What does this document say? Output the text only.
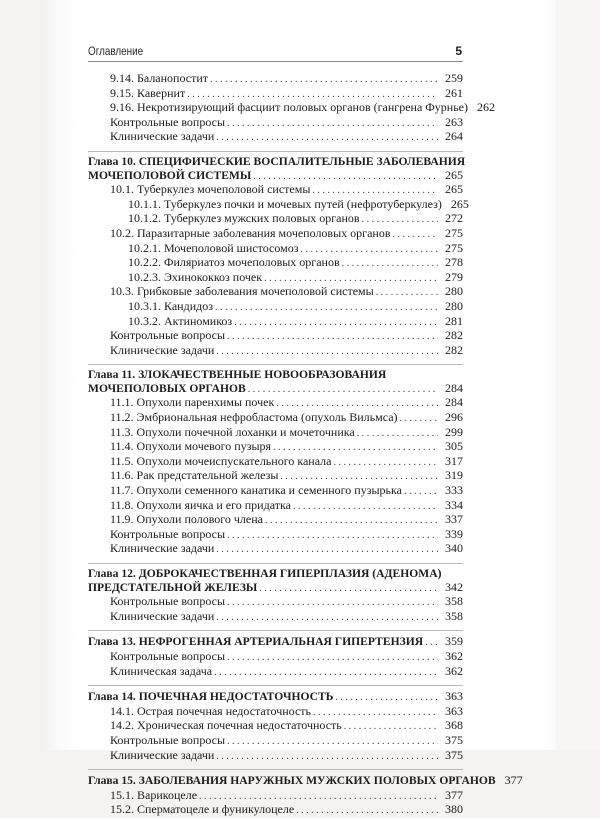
Оглавление	5
9.14. Баланопостит . . .	259
9.15. Кавернит . . .	261
9.16. Некротизирующий фасциит половых органов (гангрена Фурнье) 262
Контрольные вопросы . . .	263
Клинические задачи . . .	264
Глава 10. СПЕЦИФИЧЕСКИЕ ВОСПАЛИТЕЛЬНЫЕ ЗАБОЛЕВАНИЯ
МОЧЕПОЛОВОЙ СИСТЕМЫ . . .	265
10.1. Туберкулез мочеполовой системы . . .	265
10.1.1. Туберкулез почки и мочевых путей (нефротуберкулез) 265
10.1.2. Туберкулез мужских половых органов . . .	272
10.2. Паразитарные заболевания мочеполовых органов . . .	275
10.2.1. Мочеполовой шистосомоз . . .	275
10.2.2. Филяриатоз мочеполовых органов . . .	278
10.2.3. Эхинококкоз почек . . .	279
10.3. Грибковые заболевания мочеполовой системы . . .	280
10.3.1. Кандидоз . . .	280
10.3.2. Актиномикоз . . .	281
Контрольные вопросы . . .	282
Клинические задачи . . .	282
Глава 11. ЗЛОКАЧЕСТВЕННЫЕ НОВООБРАЗОВАНИЯ
МОЧЕПОЛОВЫХ ОРГАНОВ . . .	284
11.1. Опухоли паренхимы почек . . .	284
11.2. Эмбриональная нефробластома (опухоль Вильмса) . . .	296
11.3. Опухоли почечной лоханки и мочеточника . . .	299
11.4. Опухоли мочевого пузыря . . .	305
11.5. Опухоли мочеиспускательного канала . . .	317
11.6. Рак предстательной железы . . .	319
11.7. Опухоли семенного канатика и семенного пузырька . . .	333
11.8. Опухоли яичка и его придатка . . .	334
11.9. Опухоли полового члена . . .	337
Контрольные вопросы . . .	339
Клинические задачи . . .	340
Глава 12. ДОБРОКАЧЕСТВЕННАЯ ГИПЕРПЛАЗИЯ (АДЕНОМА)
ПРЕДСТАТЕЛЬНОЙ ЖЕЛЕЗЫ . . .	342
Контрольные вопросы . . .	358
Клинические задачи . . .	358
Глава 13. НЕФРОГЕННАЯ АРТЕРИАЛЬНАЯ ГИПЕРТЕНЗИЯ . . .	359
Контрольные вопросы . . .	362
Клиническая задача . . .	362
Глава 14. ПОЧЕЧНАЯ НЕДОСТАТОЧНОСТЬ . . .	363
14.1. Острая почечная недостаточность . . .	363
14.2. Хроническая почечная недостаточность . . .	368
Контрольные вопросы . . .	375
Клинические задачи . . .	375
Глава 15. ЗАБОЛЕВАНИЯ НАРУЖНЫХ МУЖСКИХ ПОЛОВЫХ ОРГАНОВ 377
15.1. Варикоцеле . . .	377
15.2. Сперматоцеле и фуникулоцеле . . .	380
